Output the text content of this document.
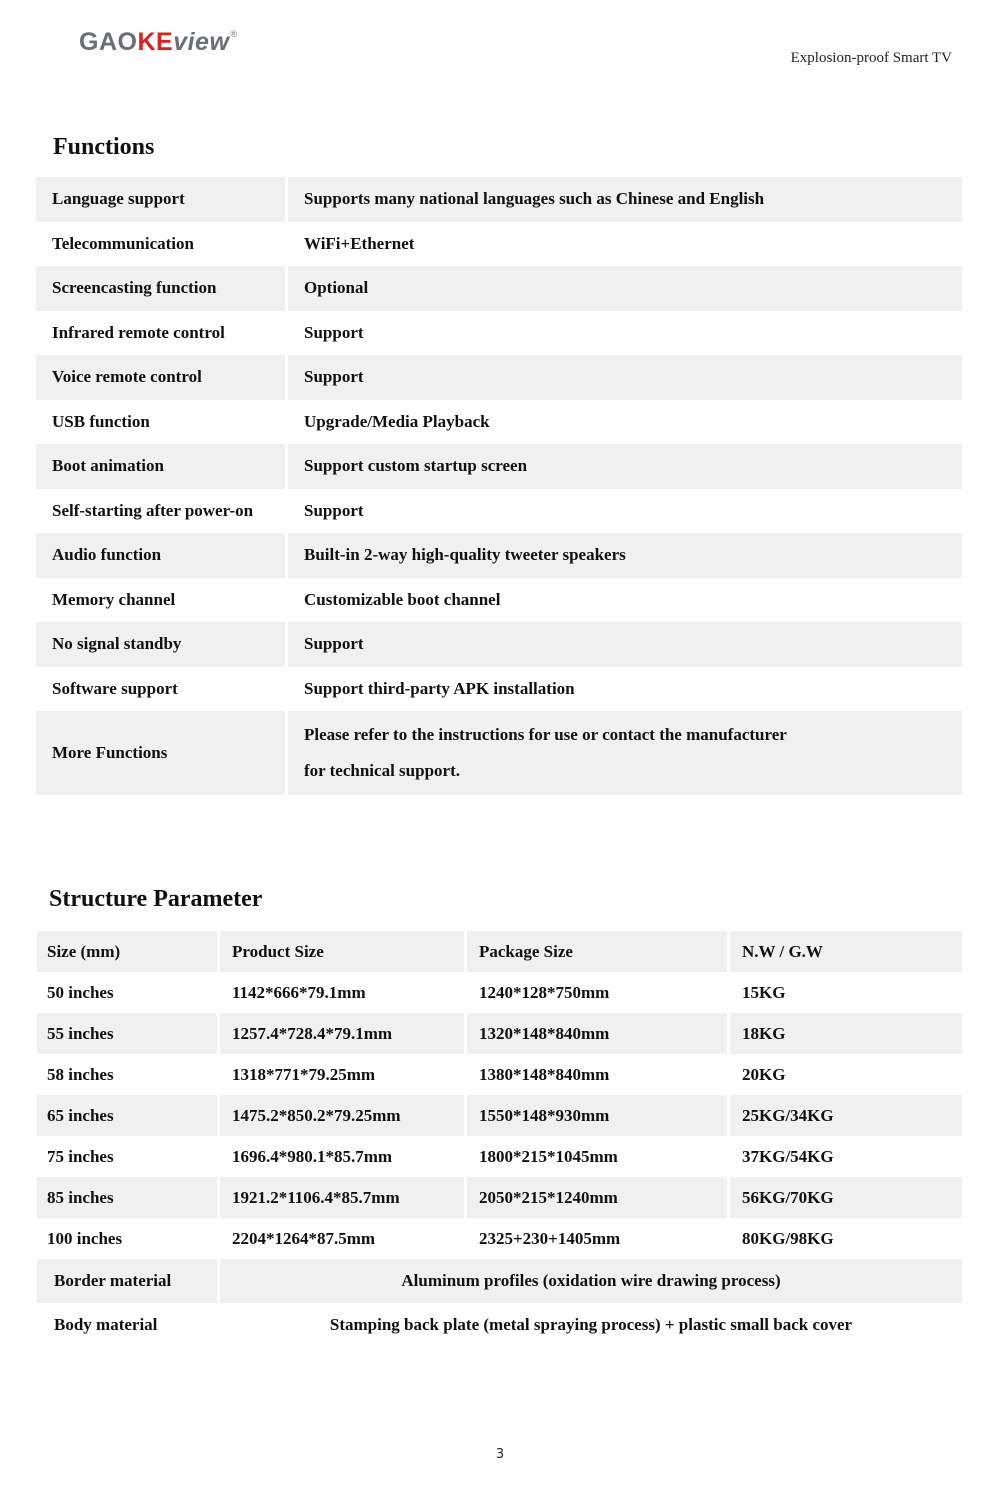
GAOKEview®
Explosion-proof Smart TV
Functions
Language support	Supports many national languages such as Chinese and English
Telecommunication	WiFi+Ethernet
Screencasting function	Optional
Infrared remote control	Support
Voice remote control	Support
USB function	Upgrade/Media Playback
Boot animation	Support custom startup screen
Self-starting after power-on	Support
Audio function	Built-in 2-way high-quality tweeter speakers
Memory channel	Customizable boot channel
No signal standby	Support
Software support	Support third-party APK installation
More Functions	Please refer to the instructions for use or contact the manufacturer
for technical support.
Structure Parameter
Size (mm)	Product Size	Package Size	N.W / G.W
50 inches	1142*666*79.1mm	1240*128*750mm	15KG
55 inches	1257.4*728.4*79.1mm	1320*148*840mm	18KG
58 inches	1318*771*79.25mm	1380*148*840mm	20KG
65 inches	1475.2*850.2*79.25mm	1550*148*930mm	25KG/34KG
75 inches	1696.4*980.1*85.7mm	1800*215*1045mm	37KG/54KG
85 inches	1921.2*1106.4*85.7mm	2050*215*1240mm	56KG/70KG
100 inches	2204*1264*87.5mm	2325+230+1405mm	80KG/98KG
Border material	Aluminum profiles (oxidation wire drawing process)		
Body material	Stamping back plate (metal spraying process) + plastic small back cover		
3
